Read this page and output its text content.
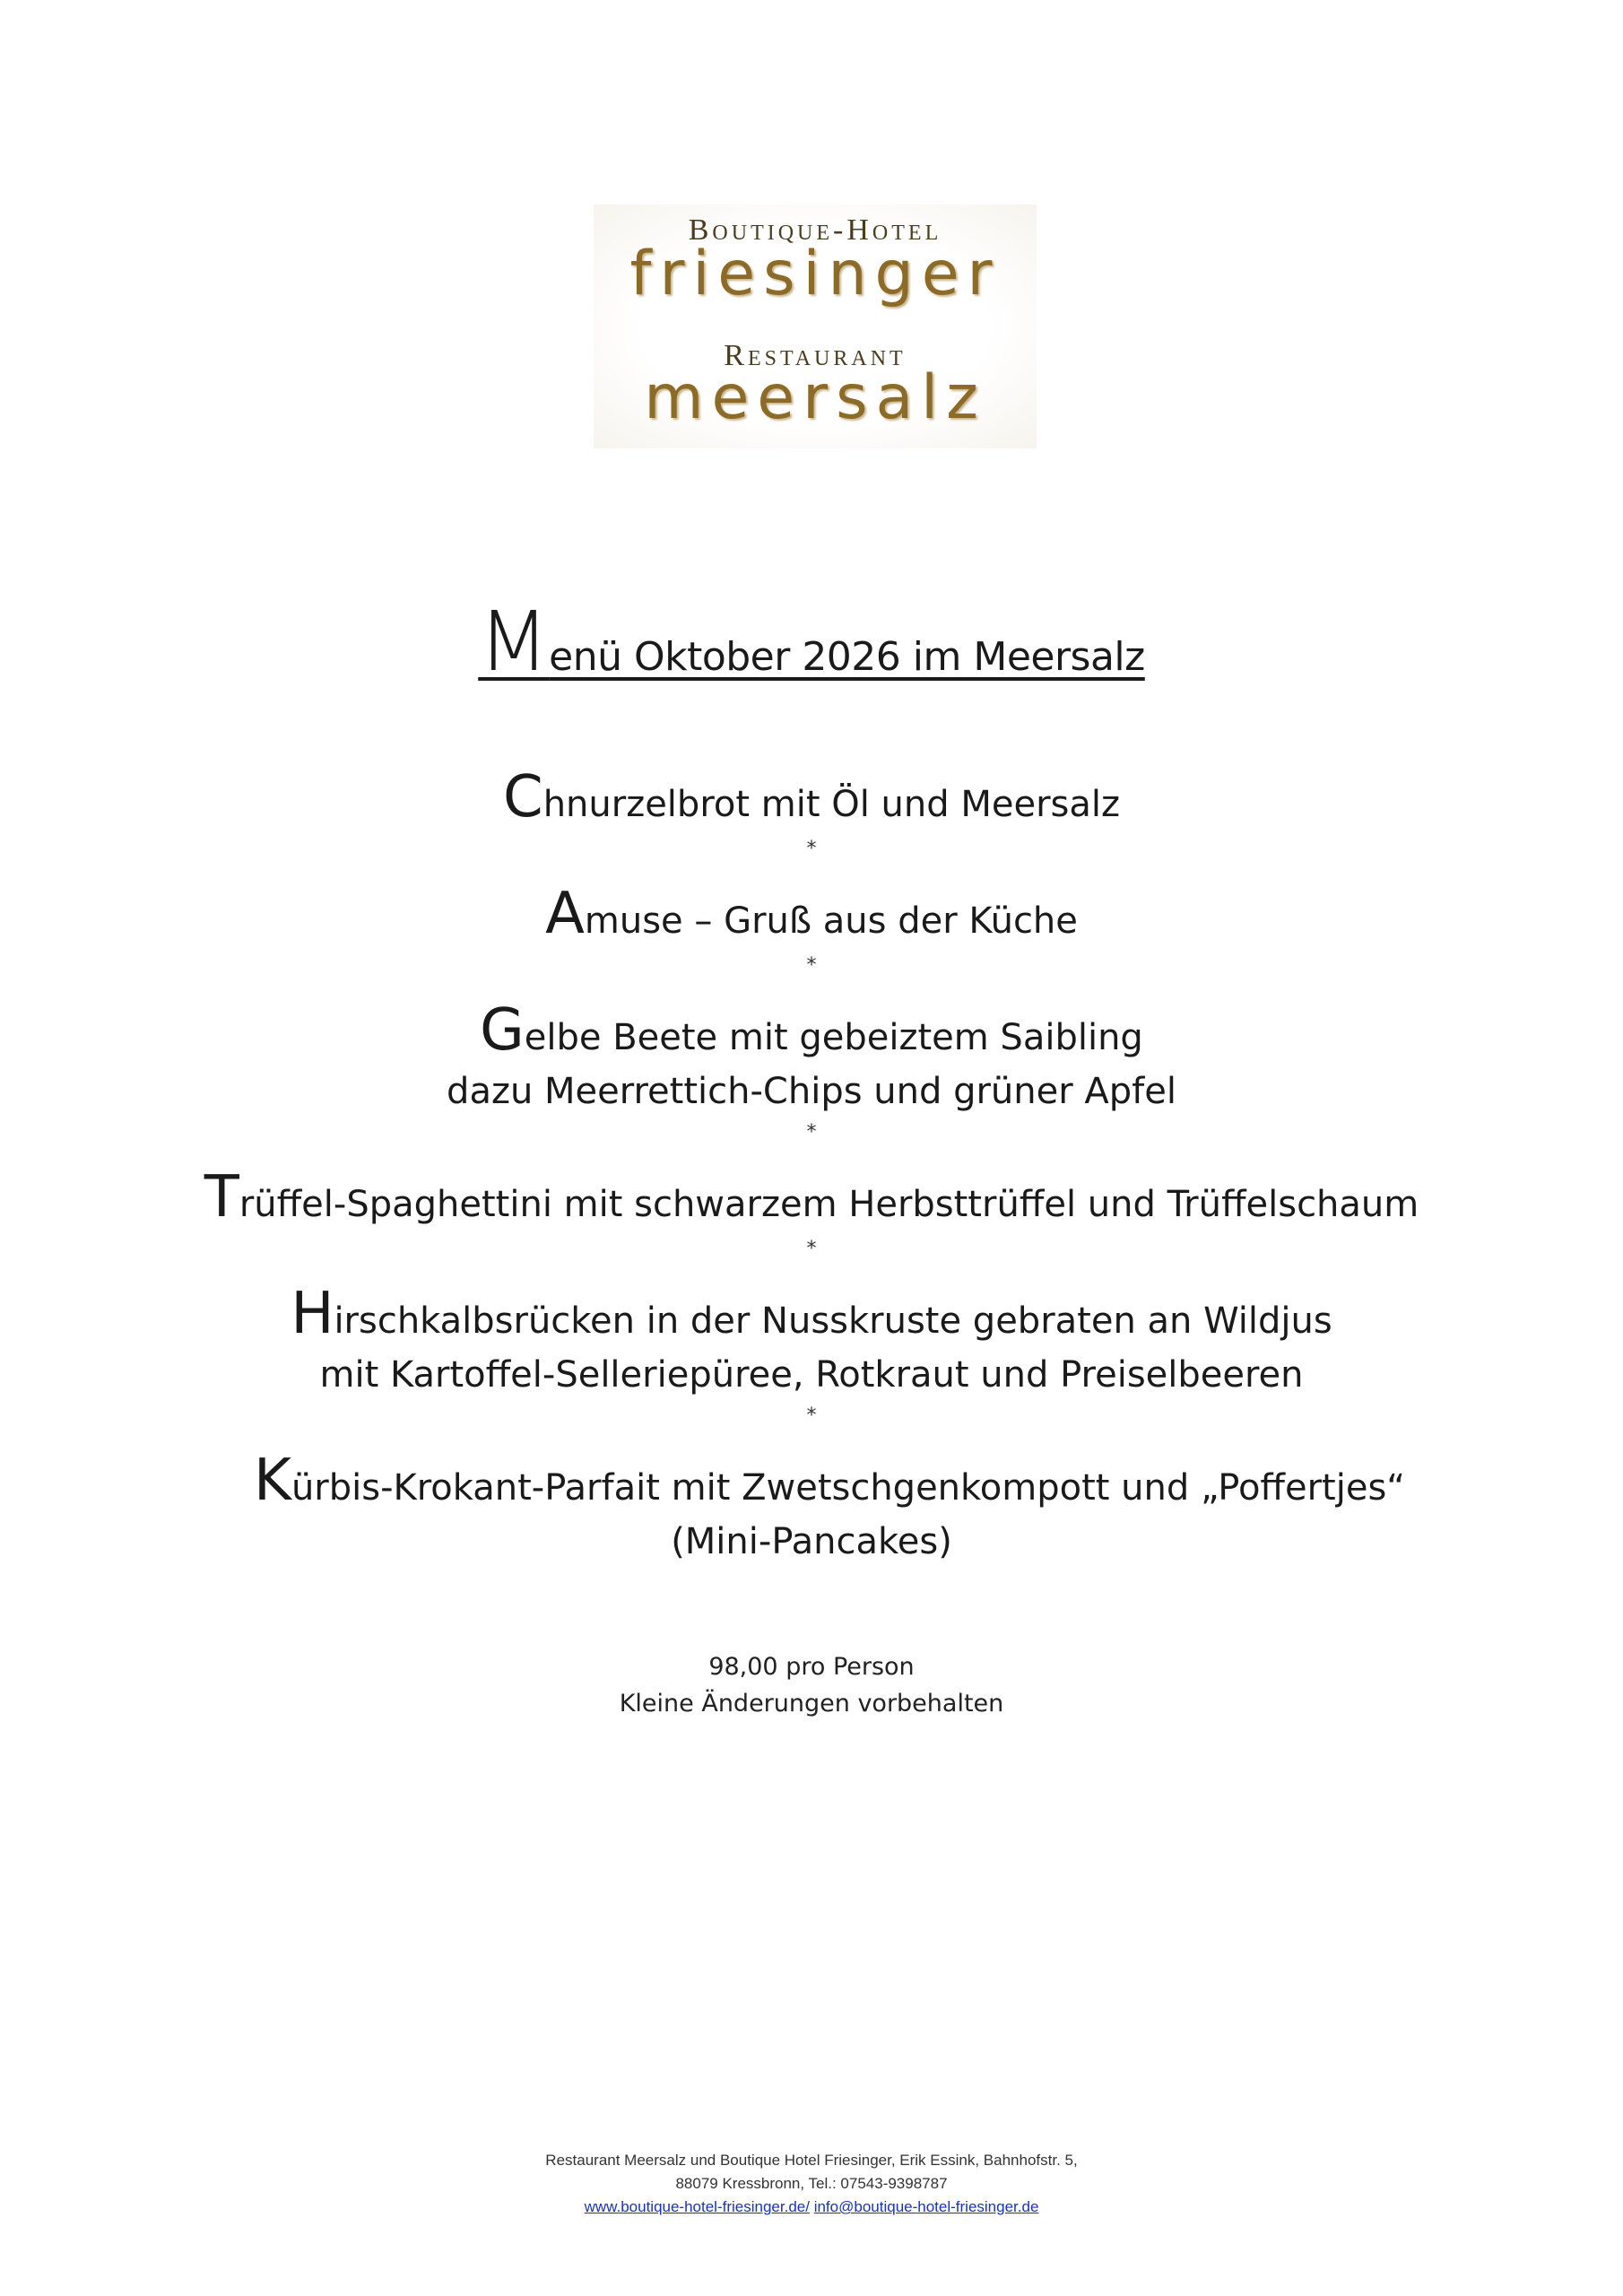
Boutique-Hotel
friesinger
Restaurant
meersalz
Menü Oktober 2026 im Meersalz
Chnurzelbrot mit Öl und Meersalz
*
Amuse – Gruß aus der Küche
*
Gelbe Beete mit gebeiztem Saibling
dazu Meerrettich-Chips und grüner Apfel
*
Trüffel-Spaghettini mit schwarzem Herbsttrüffel und Trüffelschaum
*
Hirschkalbsrücken in der Nusskruste gebraten an Wildjus
mit Kartoffel-Selleriepüree, Rotkraut und Preiselbeeren
*
Kürbis-Krokant-Parfait mit Zwetschgenkompott und „Poffertjes“
(Mini-Pancakes)
98,00 pro Person
Kleine Änderungen vorbehalten
Restaurant Meersalz und Boutique Hotel Friesinger, Erik Essink, Bahnhofstr. 5,
88079 Kressbronn, Tel.: 07543-9398787
www.boutique-hotel-friesinger.de/ info@boutique-hotel-friesinger.de
